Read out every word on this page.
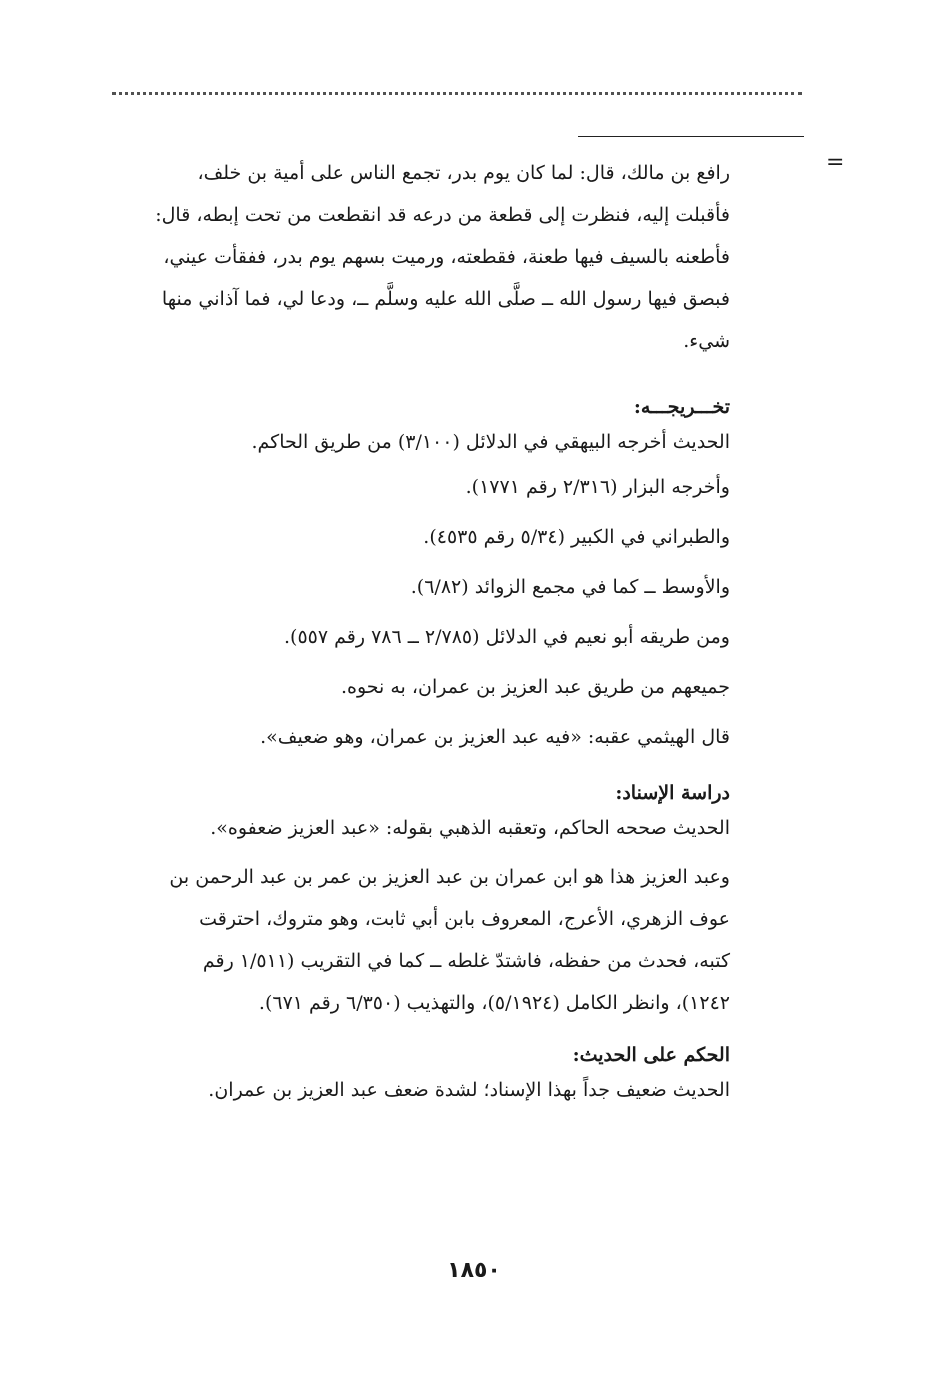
=
رافع بن مالك، قال: لما كان يوم بدر، تجمع الناس على أمية بن خلف،
فأقبلت إليه، فنظرت إلى قطعة من درعه قد انقطعت من تحت إبطه، قال:
فأطعنه بالسيف فيها طعنة، فقطعته، ورميت بسهم يوم بدر، ففقأت عيني،
فبصق فيها رسول الله ــ صلَّى الله عليه وسلَّم ــ، ودعا لي، فما آذاني منها
شيء.
تخـــريجـــه:
الحديث أخرجه البيهقي في الدلائل (٣/١٠٠) من طريق الحاكم.
وأخرجه البزار (٢/٣١٦ رقم ١٧٧١).
والطبراني في الكبير (٥/٣٤ رقم ٤٥٣٥).
والأوسط ــ كما في مجمع الزوائد (٦/٨٢).
ومن طريقه أبو نعيم في الدلائل (٢/٧٨٥ ــ ٧٨٦ رقم ٥٥٧).
جميعهم من طريق عبد العزيز بن عمران، به نحوه.
قال الهيثمي عقبه: «فيه عبد العزيز بن عمران، وهو ضعيف».
دراسة الإسناد:
الحديث صححه الحاكم، وتعقبه الذهبي بقوله: «عبد العزيز ضعفوه».
وعبد العزيز هذا هو ابن عمران بن عبد العزيز بن عمر بن عبد الرحمن بن
عوف الزهري، الأعرج، المعروف بابن أبي ثابت، وهو متروك، احترقت
كتبه، فحدث من حفظه، فاشتدّ غلطه ــ كما في التقريب (١/٥١١ رقم
١٢٤٢)، وانظر الكامل (٥/١٩٢٤)، والتهذيب (٦/٣٥٠ رقم ٦٧١).
الحكم على الحديث:
الحديث ضعيف جداً بهذا الإسناد؛ لشدة ضعف عبد العزيز بن عمران.
١٨٥٠
